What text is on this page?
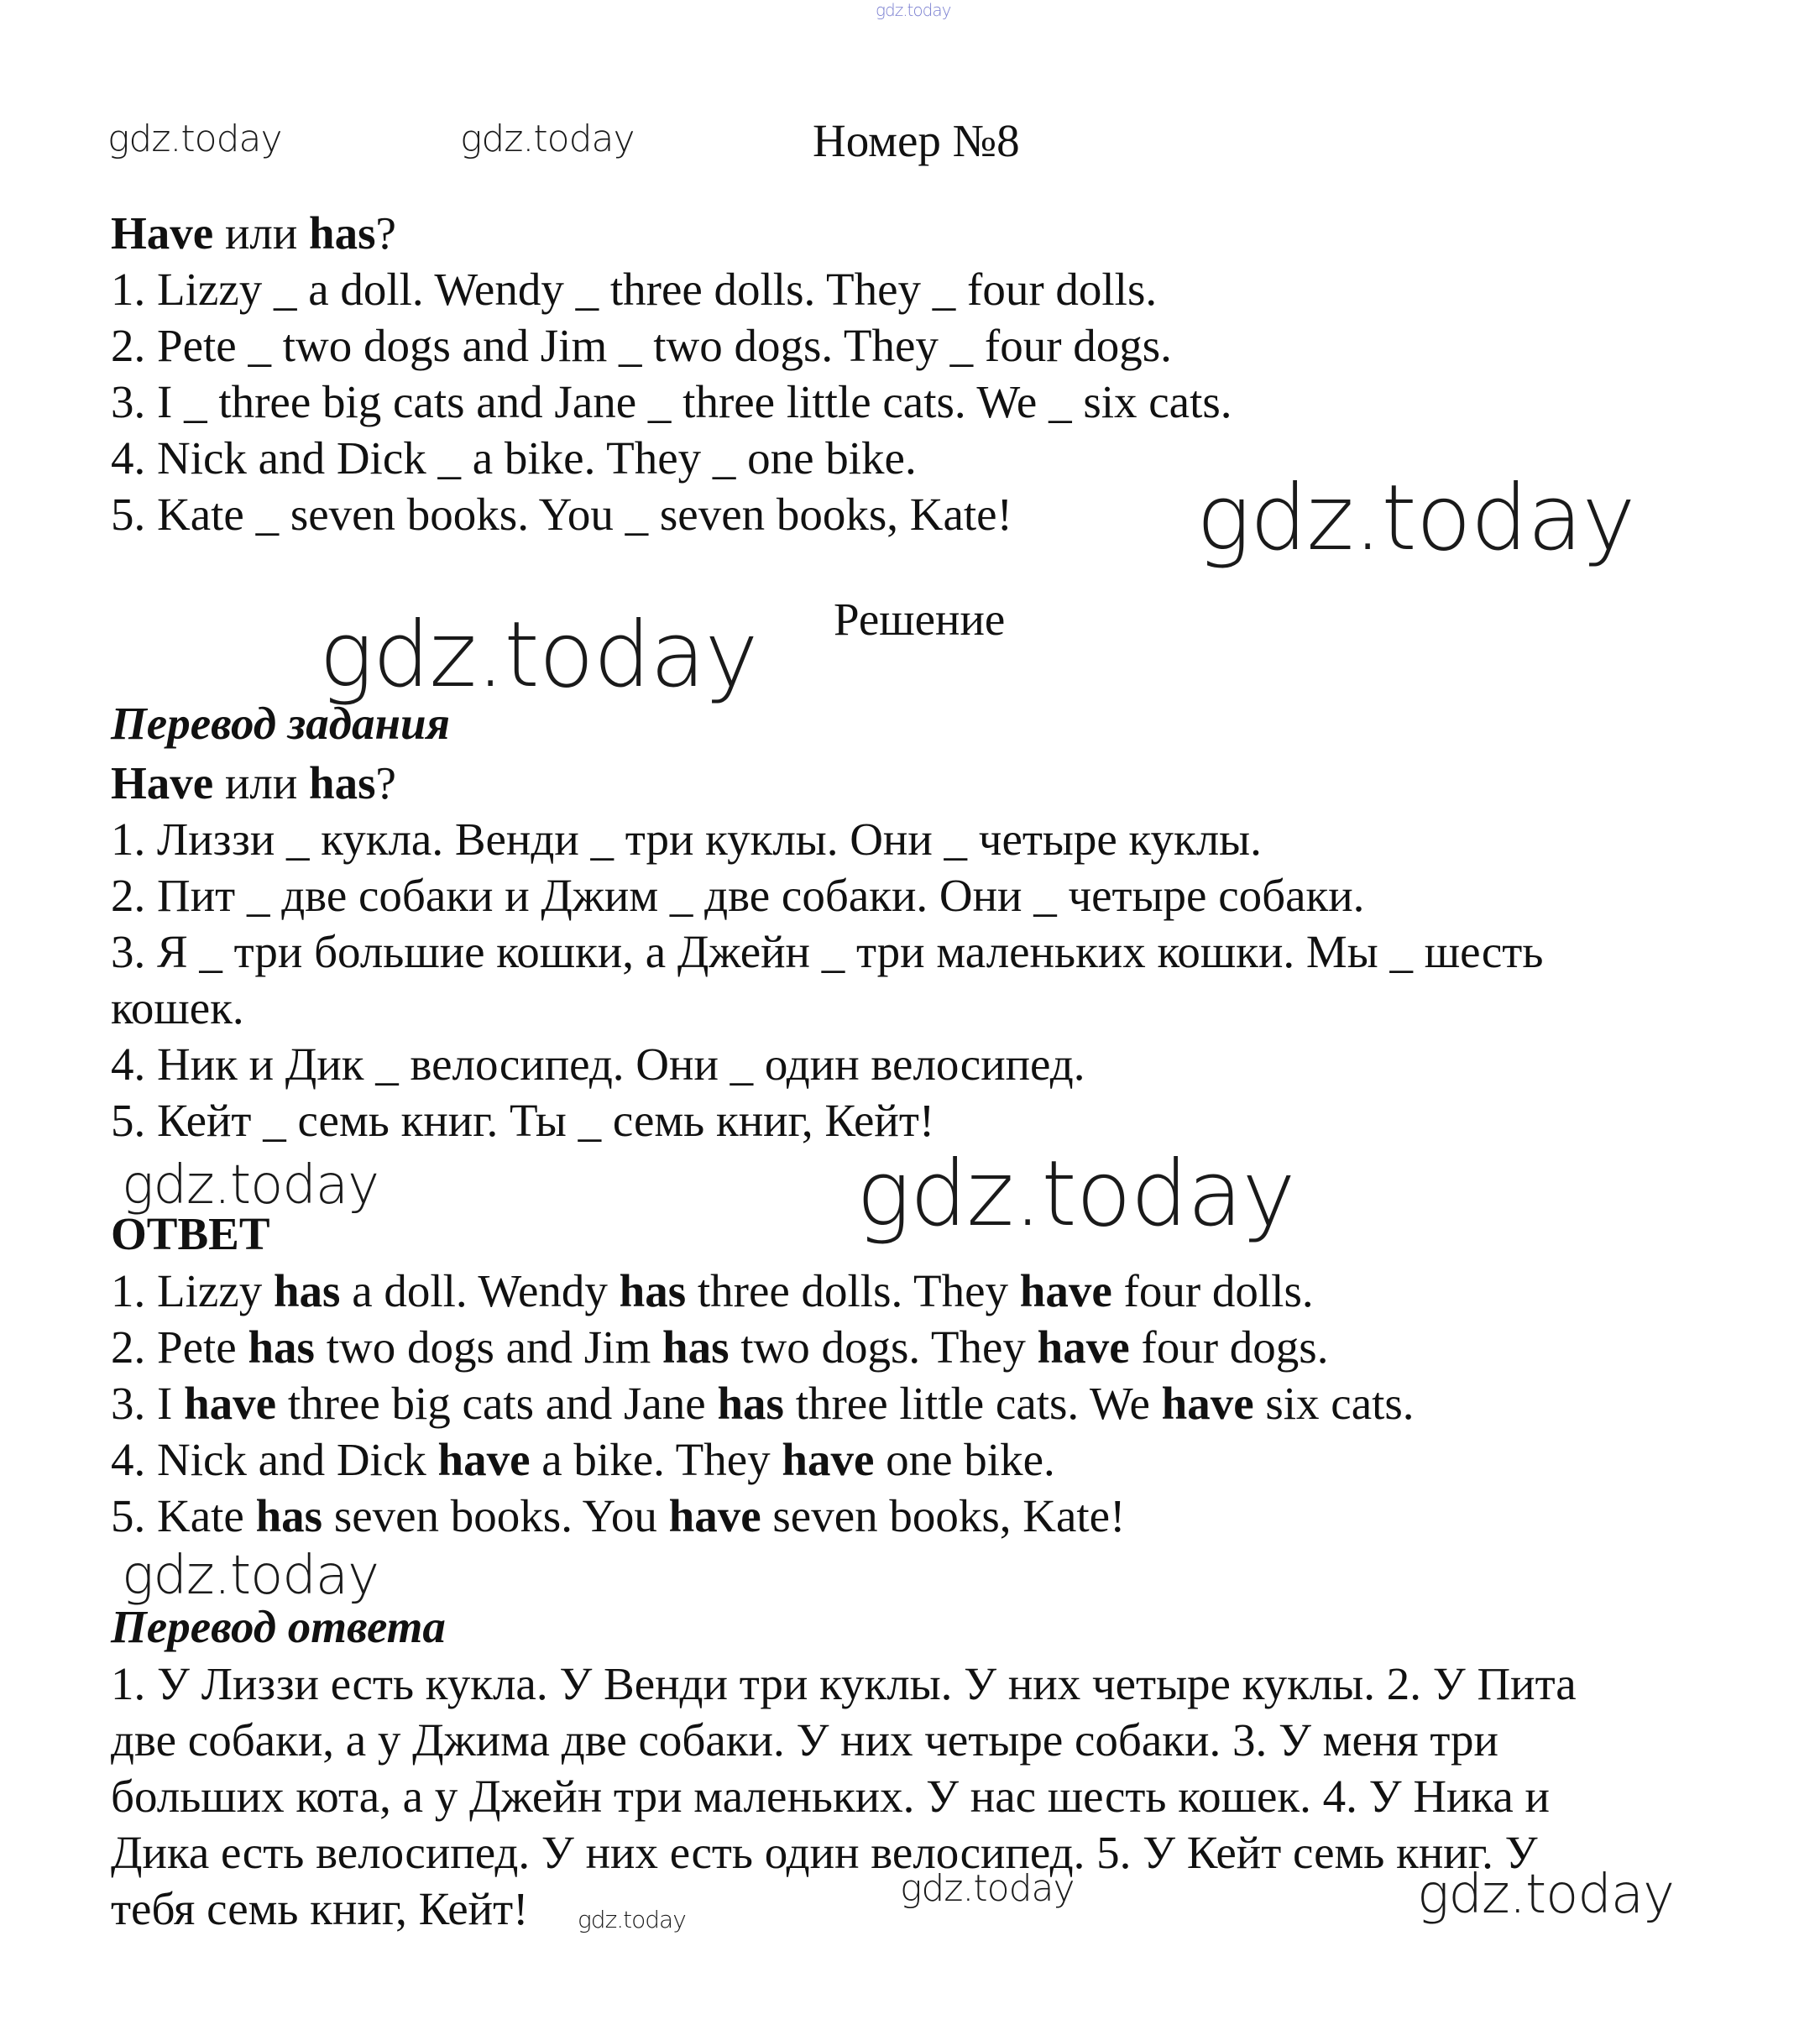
gdz.today
gdz.today	gdz.today
gdz.today
gdz.today
gdz.today	gdz.today
gdz.today
gdz.today
gdz.today	gdz.today
Номер №8
Have или has?
1. Lizzy _ a doll. Wendy _ three dolls. They _ four dolls.
2. Pete _ two dogs and Jim _ two dogs. They _ four dogs.
3. I _ three big cats and Jane _ three little cats. We _ six cats.
4. Nick and Dick _ a bike. They _ one bike.
5. Kate _ seven books. You _ seven books, Kate!
Решение
Перевод задания
Have или has?
1. Лиззи _ кукла. Венди _ три куклы. Они _ четыре куклы.
2. Пит _ две собаки и Джим _ две собаки. Они _ четыре собаки.
3. Я _ три большие кошки, а Джейн _ три маленьких кошки. Мы _ шесть
кошек.
4. Ник и Дик _ велосипед. Они _ один велосипед.
5. Кейт _ семь книг. Ты _ семь книг, Кейт!
ОТВЕТ
1. Lizzy has a doll. Wendy has three dolls. They have four dolls.
2. Pete has two dogs and Jim has two dogs. They have four dogs.
3. I have three big cats and Jane has three little cats. We have six cats.
4. Nick and Dick have a bike. They have one bike.
5. Kate has seven books. You have seven books, Kate!
Перевод ответа
1. У Лиззи есть кукла. У Венди три куклы. У них четыре куклы. 2. У Пита
две собаки, а у Джима две собаки. У них четыре собаки. 3. У меня три
больших кота, а у Джейн три маленьких. У нас шесть кошек. 4. У Ника и
Дика есть велосипед. У них есть один велосипед. 5. У Кейт семь книг. У
тебя семь книг, Кейт!
